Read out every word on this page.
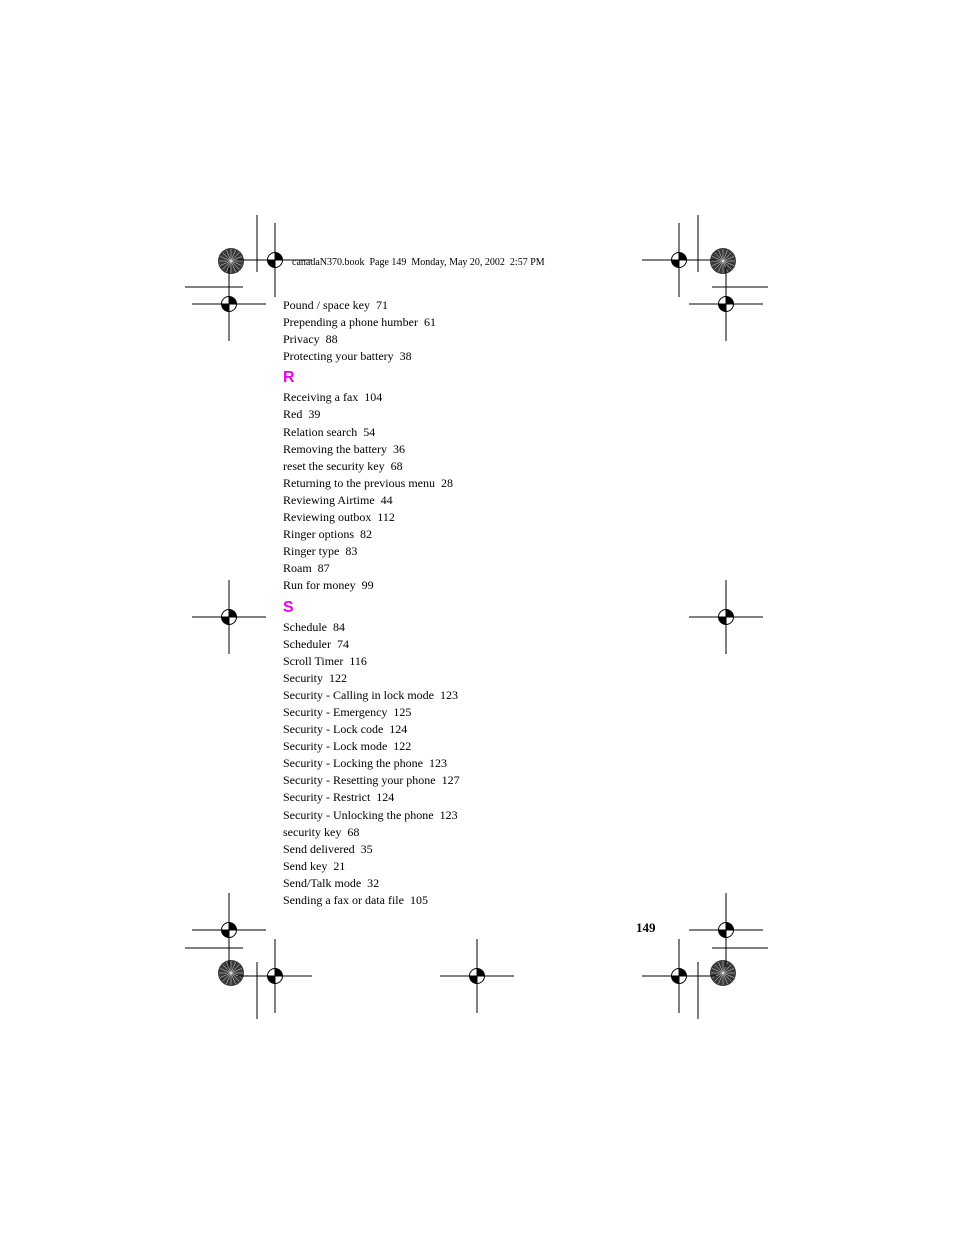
canadaN370.book  Page 149  Monday, May 20, 2002  2:57 PM
Pound / space key  71
Prepending a phone humber  61
Privacy  88
Protecting your battery  38
R
Receiving a fax  104
Red  39
Relation search  54
Removing the battery  36
reset the security key  68
Returning to the previous menu  28
Reviewing Airtime  44
Reviewing outbox  112
Ringer options  82
Ringer type  83
Roam  87
Run for money  99
S
Schedule  84
Scheduler  74
Scroll Timer  116
Security  122
Security - Calling in lock mode  123
Security - Emergency  125
Security - Lock code  124
Security - Lock mode  122
Security - Locking the phone  123
Security - Resetting your phone  127
Security - Restrict  124
Security - Unlocking the phone  123
security key  68
Send delivered  35
Send key  21
Send/Talk mode  32
Sending a fax or data file  105
149
